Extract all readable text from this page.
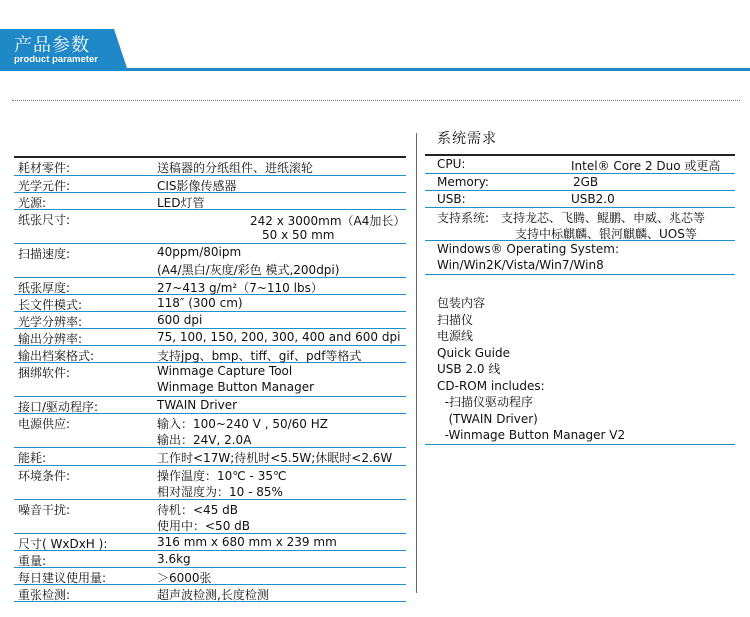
产品参数
product parameter
耗材零件:	送稿器的分纸组件、进纸滚轮
光学元件:	CIS影像传感器
光源:	LED灯管
纸张尺寸:	242 x 3000mm（A4加长）
50 x 50 mm
扫描速度:	40ppm/80ipm
(A4/黑白/灰度/彩色 模式,200dpi)
纸张厚度:	27~413 g/m²（7~110 lbs）
长文件模式:	118″ (300 cm)
光学分辨率:	600 dpi
输出分辨率:	75, 100, 150, 200, 300, 400 and 600 dpi
输出档案格式:	支持jpg、bmp、tiff、gif、pdf等格式
捆绑软件:	Winmage Capture Tool
Winmage Button Manager
接口/驱动程序:	TWAIN Driver
电源供应:	输入：100~240 V , 50/60 HZ
输出：24V, 2.0A
能耗:	工作时<17W;待机时<5.5W;休眠时<2.6W
环境条件:	操作温度：10℃ - 35℃
相对湿度为：10 - 85%
噪音干扰:	待机：<45 dB
使用中：<50 dB
尺寸( WxDxH ):	316 mm x 680 mm x 239 mm
重量:	3.6kg
每日建议使用量:	＞6000张
重张检测:	超声波检测,长度检测
系统需求
CPU:	Intel® Core 2 Duo 或更高
Memory:	2GB
USB:	USB2.0
支持系统: 支持龙芯、飞腾、鲲鹏、申威、兆芯等
支持中标麒麟、银河麒麟、UOS等
Windows® Operating System:
Win/Win2K/Vista/Win7/Win8
包装内容
扫描仪
电源线
Quick Guide
USB 2.0 线
CD-ROM includes:
-扫描仪驱动程序
(TWAIN Driver)
-Winmage Button Manager V2
